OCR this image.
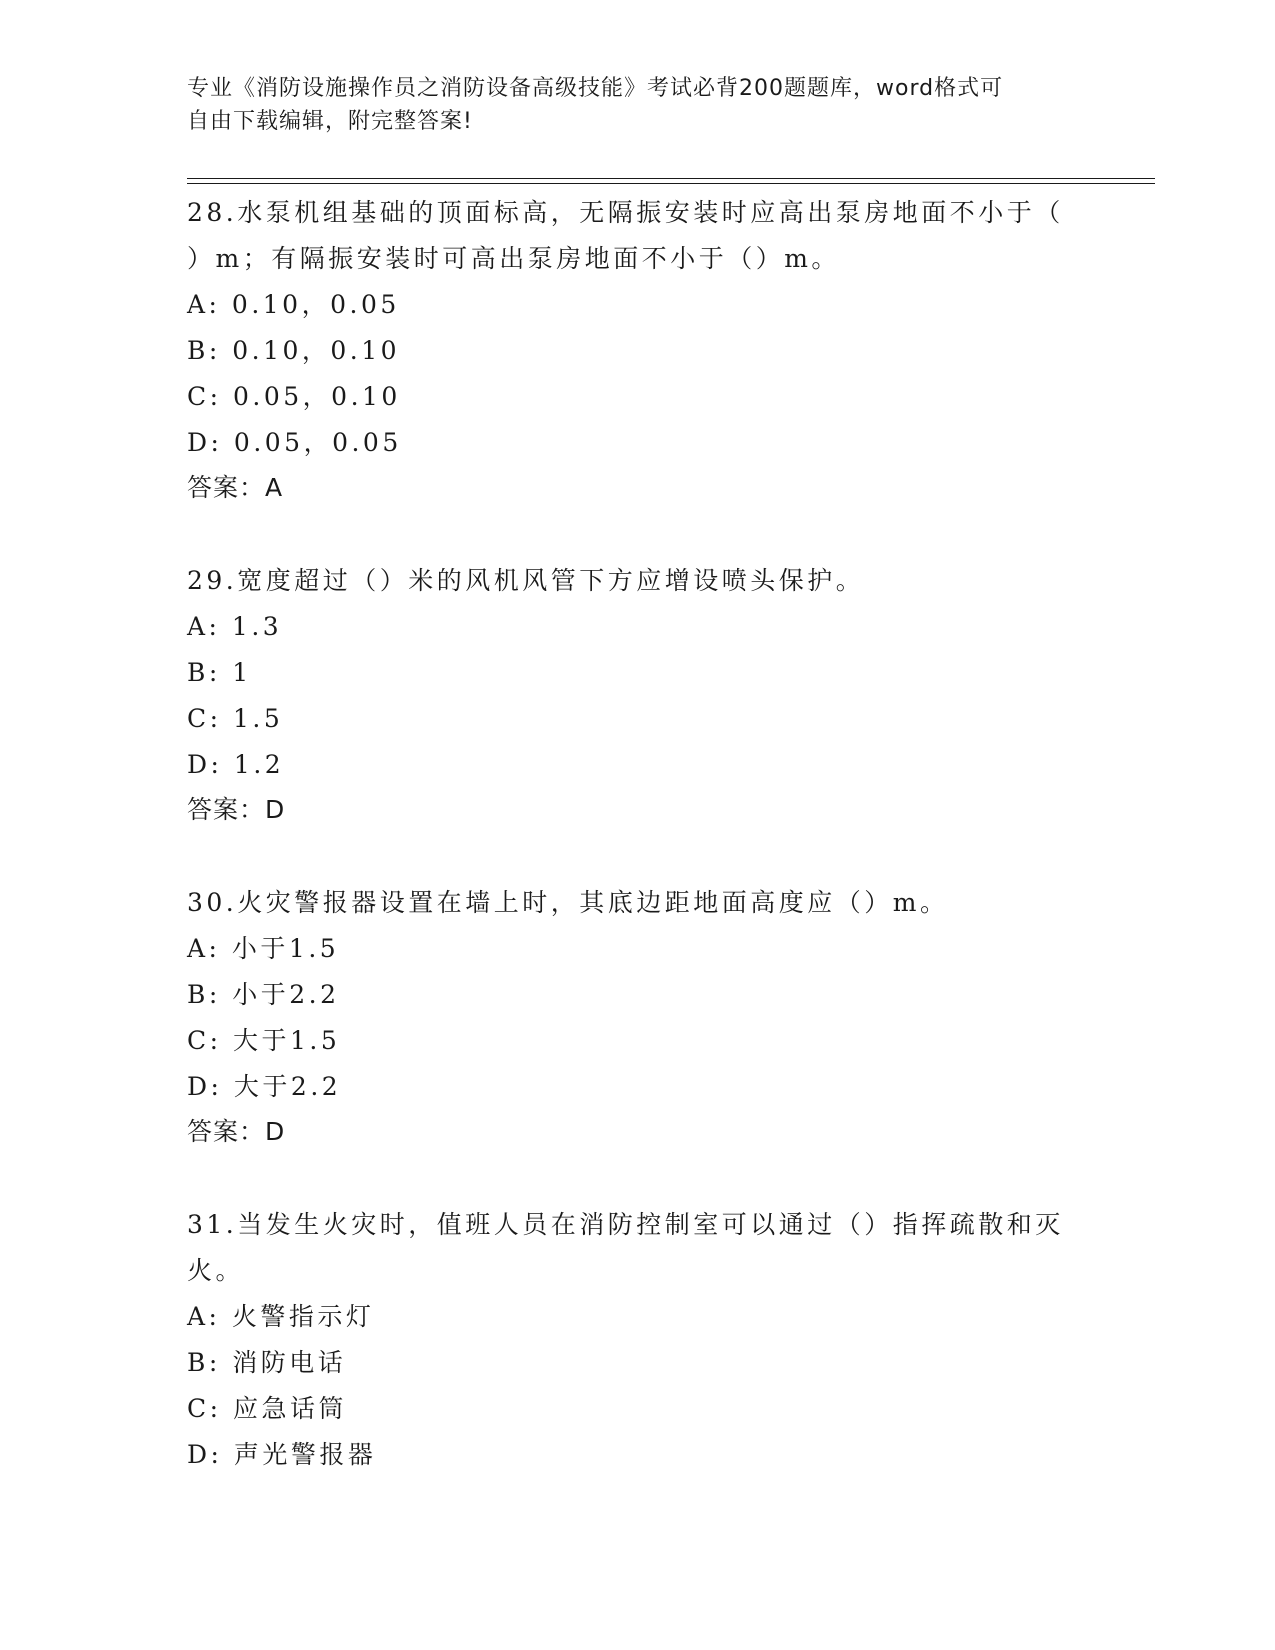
专业《消防设施操作员之消防设备高级技能》考试必背200题题库，word格式可
自由下载编辑，附完整答案!

28.水泵机组基础的顶面标高，无隔振安装时应高出泵房地面不小于（

）m；有隔振安装时可高出泵房地面不小于（）m。

A: 0.10，0.05

B: 0.10，0.10

C: 0.05，0.10

D: 0.05，0.05

答案：A

29.宽度超过（）米的风机风管下方应增设喷头保护。

A: 1.3

B: 1

C: 1.5

D: 1.2

答案：D

30.火灾警报器设置在墙上时，其底边距地面高度应（）m。

A: 小于1.5

B: 小于2.2

C: 大于1.5

D: 大于2.2

答案：D

31.当发生火灾时，值班人员在消防控制室可以通过（）指挥疏散和灭

火。

A: 火警指示灯

B: 消防电话

C: 应急话筒

D: 声光警报器
